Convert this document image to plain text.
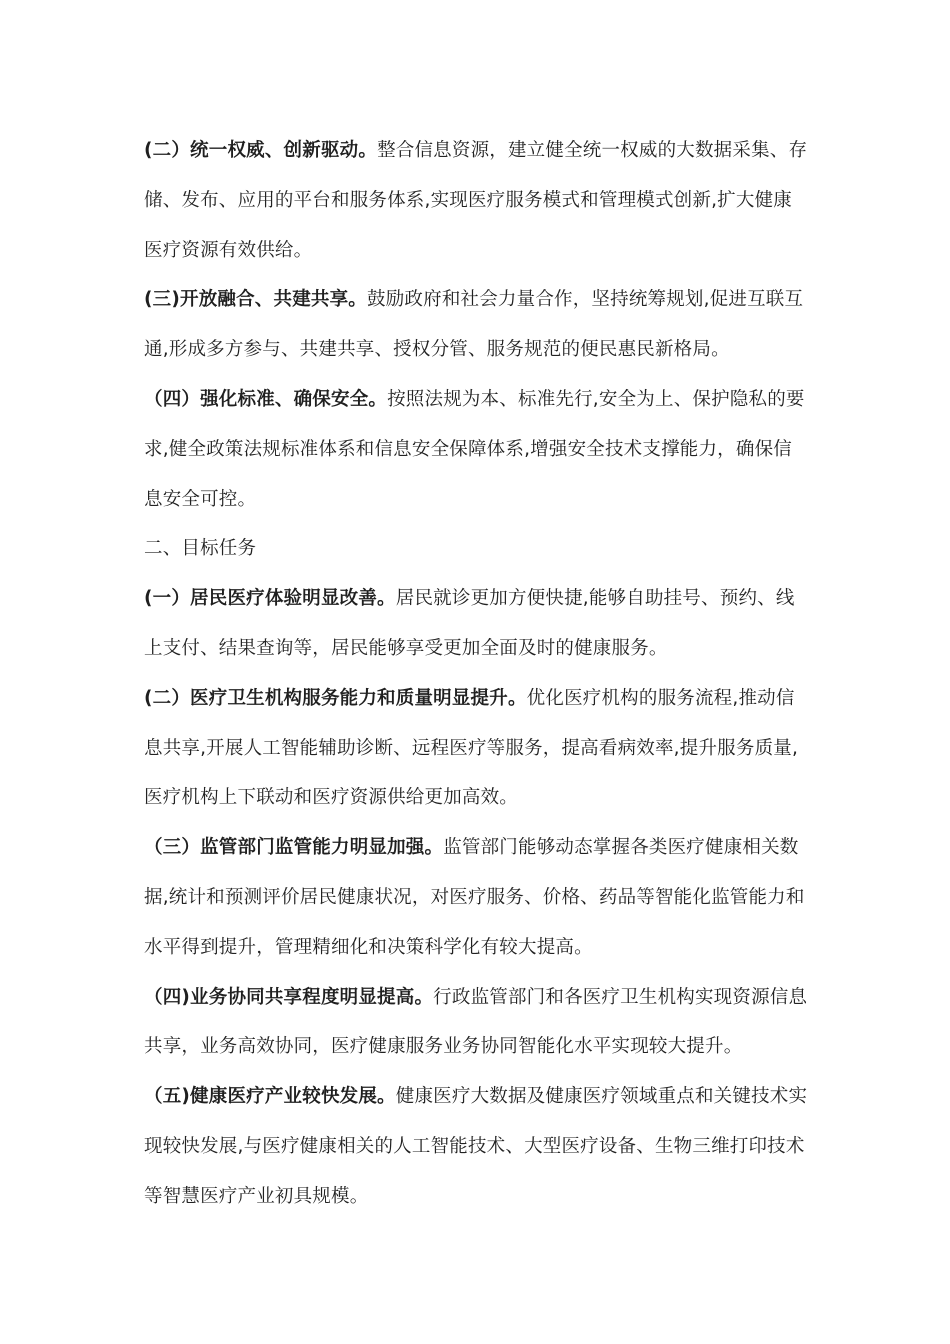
(二）统一权威、创新驱动。整合信息资源，建立健全统一权威的大数据采集、存储、发布、应用的平台和服务体系,实现医疗服务模式和管理模式创新,扩大健康医疗资源有效供给。

(三)开放融合、共建共享。鼓励政府和社会力量合作，坚持统筹规划,促进互联互通,形成多方参与、共建共享、授权分管、服务规范的便民惠民新格局。

（四）强化标准、确保安全。按照法规为本、标准先行,安全为上、保护隐私的要求,健全政策法规标准体系和信息安全保障体系,增强安全技术支撑能力，确保信息安全可控。

二、目标任务

(一）居民医疗体验明显改善。居民就诊更加方便快捷,能够自助挂号、预约、线上支付、结果查询等，居民能够享受更加全面及时的健康服务。

(二）医疗卫生机构服务能力和质量明显提升。优化医疗机构的服务流程,推动信息共享,开展人工智能辅助诊断、远程医疗等服务，提高看病效率,提升服务质量,医疗机构上下联动和医疗资源供给更加高效。

（三）监管部门监管能力明显加强。监管部门能够动态掌握各类医疗健康相关数据,统计和预测评价居民健康状况，对医疗服务、价格、药品等智能化监管能力和水平得到提升，管理精细化和决策科学化有较大提高。

（四)业务协同共享程度明显提高。行政监管部门和各医疗卫生机构实现资源信息共享，业务高效协同，医疗健康服务业务协同智能化水平实现较大提升。

（五)健康医疗产业较快发展。健康医疗大数据及健康医疗领域重点和关键技术实现较快发展,与医疗健康相关的人工智能技术、大型医疗设备、生物三维打印技术等智慧医疗产业初具规模。
